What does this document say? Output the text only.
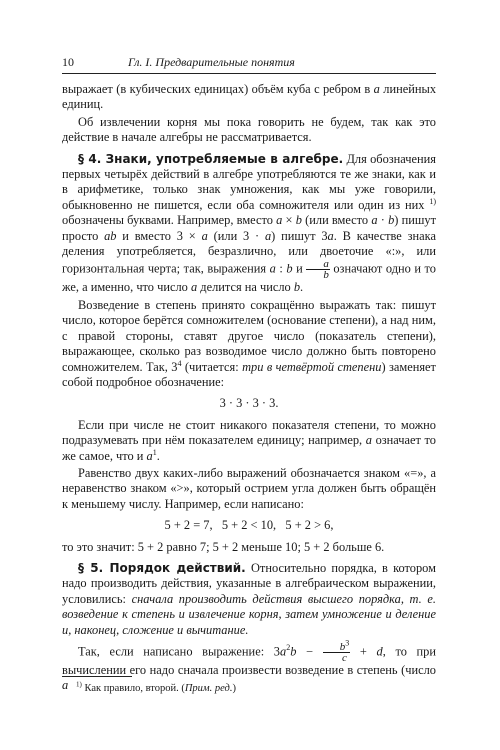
10	Гл. I. Предварительные понятия

выражает (в кубических единицах) объём куба с ребром в a линейных единиц.

Об извлечении корня мы пока говорить не будем, так как это действие в начале алгебры не рассматривается.

§ 4. Знаки, употребляемые в алгебре. Для обозначения первых четырёх действий в алгебре употребляются те же знаки, как и в арифметике, только знак умножения, как мы уже говорили, обыкновенно не пишется, если оба сомножителя или один из них $^{1)}$ обозначены буквами. Например, вместо a × b (или вместо a · b) пишут просто ab и вместо 3 × a (или 3 · a) пишут 3a. В качестве знака деления употребляется, безразлично, или двоеточие «:», или горизонтальная черта; так, выражения a : b и $\frac{a}{b}$ означают одно и то же, а именно, что число a делится на число b.

Возведение в степень принято сокращённо выражать так: пишут число, которое берётся сомножителем (основание степени), а над ним, с правой стороны, ставят другое число (показатель степени), выражающее, сколько раз возводимое число должно быть повторено сомножителем. Так, $3^4$ (читается: три в четвёртой степени) заменяет собой подробное обозначение:

3 · 3 · 3 · 3.

Если при числе не стоит никакого показателя степени, то можно подразумевать при нём показателем единицу; например, a означает то же самое, что и $a^1$.

Равенство двух каких-либо выражений обозначается знаком «=», а неравенство знаком «>», который острием угла должен быть обращён к меньшему числу. Например, если написано:

5 + 2 = 7,   5 + 2 < 10,   5 + 2 > 6,

то это значит: 5 + 2 равно 7; 5 + 2 меньше 10; 5 + 2 больше 6.

§ 5. Порядок действий. Относительно порядка, в котором надо производить действия, указанные в алгебраическом выражении, условились: сначала производить действия высшего порядка, т. е. возведение к степень и извлечение корня, затем умножение и деление и, наконец, сложение и вычитание.

Так, если написано выражение: $3a^2b - \frac{b^3}{c} + d$, то при вычислении его надо сначала произвести возведение в степень (число a	$^{1)}$ Как правило, второй. (Прим. ред.)
